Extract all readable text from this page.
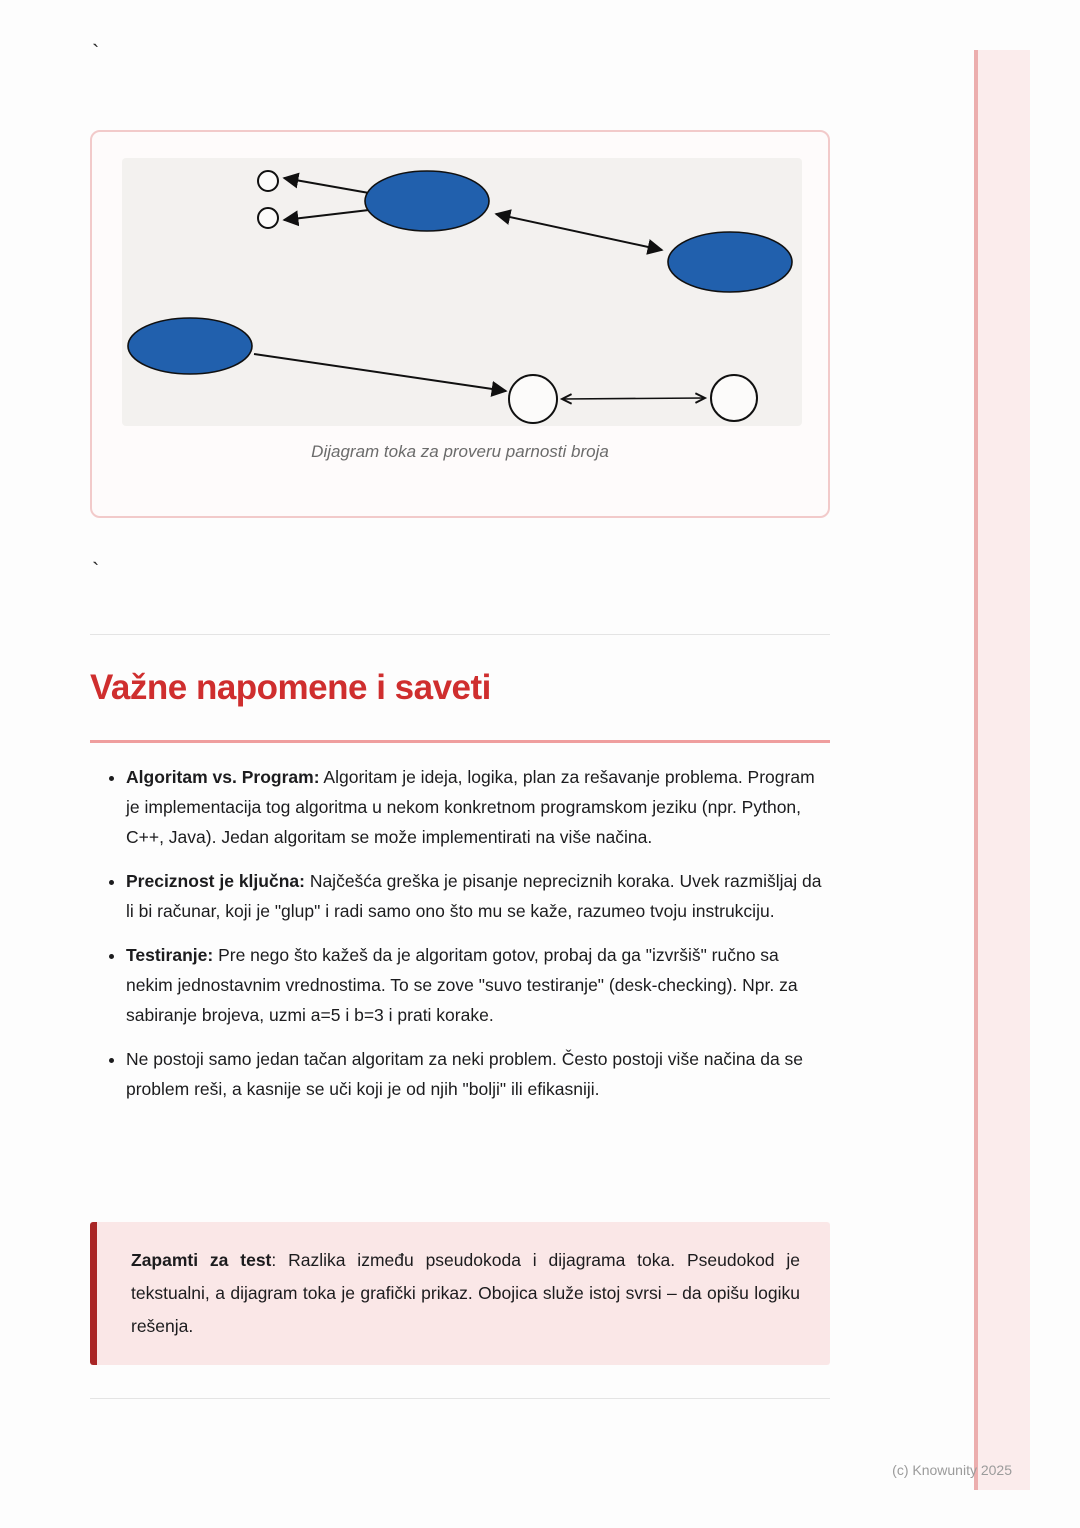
`
Dijagram toka za proveru parnosti broja
`
Važne napomene i saveti
• Algoritam vs. Program: Algoritam je ideja, logika, plan za rešavanje problema. Program je implementacija tog algoritma u nekom konkretnom programskom jeziku (npr. Python, C++, Java). Jedan algoritam se može implementirati na više načina.
• Preciznost je ključna: Najčešća greška je pisanje nepreciznih koraka. Uvek razmišljaj da li bi računar, koji je "glup" i radi samo ono što mu se kaže, razumeo tvoju instrukciju.
• Testiranje: Pre nego što kažeš da je algoritam gotov, probaj da ga "izvršiš" ručno sa nekim jednostavnim vrednostima. To se zove "suvo testiranje" (desk-checking). Npr. za sabiranje brojeva, uzmi a=5 i b=3 i prati korake.
• Ne postoji samo jedan tačan algoritam za neki problem. Često postoji više načina da se problem reši, a kasnije se uči koji je od njih "bolji" ili efikasniji.

Zapamti za test: Razlika između pseudokoda i dijagrama toka. Pseudokod je tekstualni, a dijagram toka je grafički prikaz. Obojica služe istoj svrsi – da opišu logiku rešenja.

(c) Knowunity 2025
